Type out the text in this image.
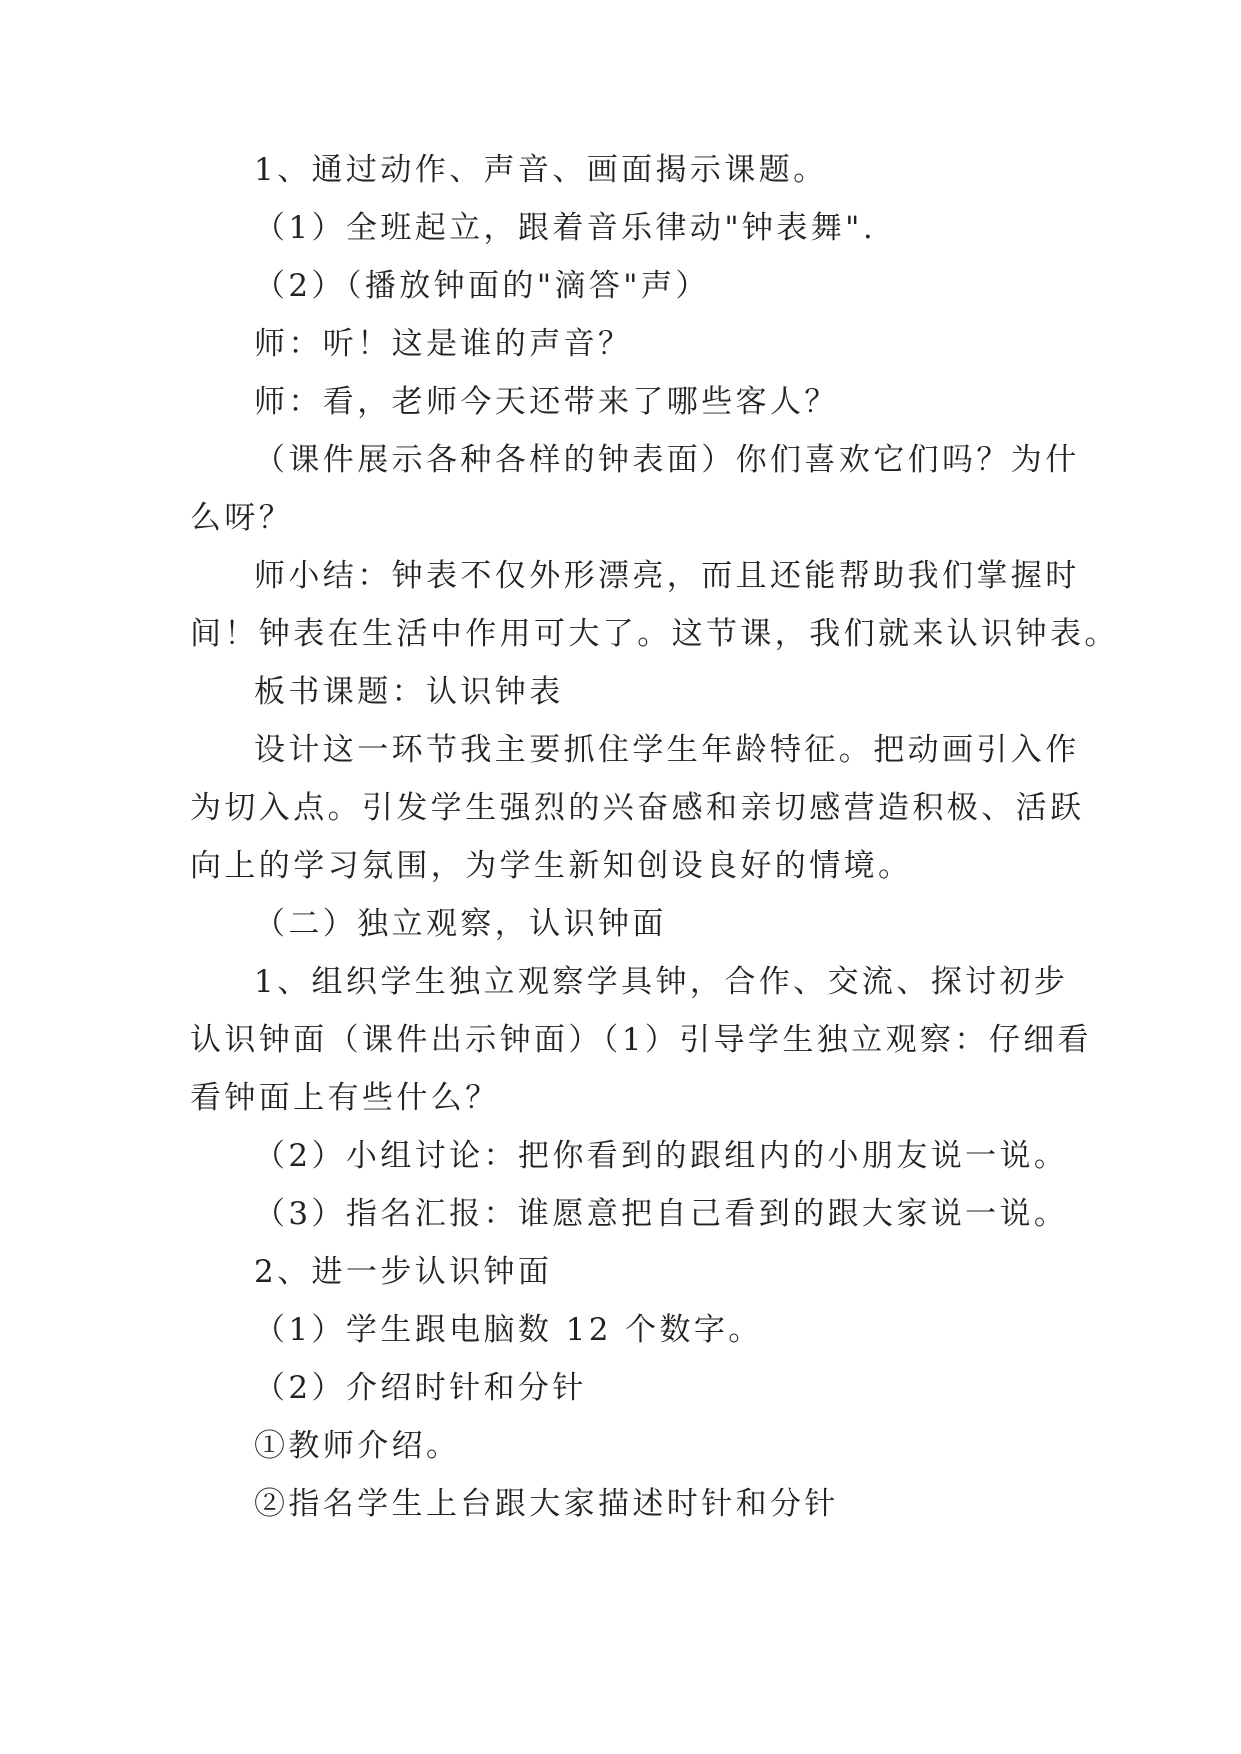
1、通过动作、声音、画面揭示课题。

（1）全班起立，跟着音乐律动"钟表舞".

（2）（播放钟面的"滴答"声）

师：听！这是谁的声音？

师：看，老师今天还带来了哪些客人？

（课件展示各种各样的钟表面）你们喜欢它们吗？为什

么呀？

师小结：钟表不仅外形漂亮，而且还能帮助我们掌握时

间！钟表在生活中作用可大了。这节课，我们就来认识钟表。

板书课题：认识钟表

设计这一环节我主要抓住学生年龄特征。把动画引入作

为切入点。引发学生强烈的兴奋感和亲切感营造积极、活跃

向上的学习氛围，为学生新知创设良好的情境。

（二）独立观察，认识钟面

1、组织学生独立观察学具钟，合作、交流、探讨初步

认识钟面（课件出示钟面）（1）引导学生独立观察：仔细看

看钟面上有些什么？

（2）小组讨论：把你看到的跟组内的小朋友说一说。

（3）指名汇报：谁愿意把自己看到的跟大家说一说。

2、进一步认识钟面

（1）学生跟电脑数 12 个数字。

（2）介绍时针和分针

①教师介绍。

②指名学生上台跟大家描述时针和分针
